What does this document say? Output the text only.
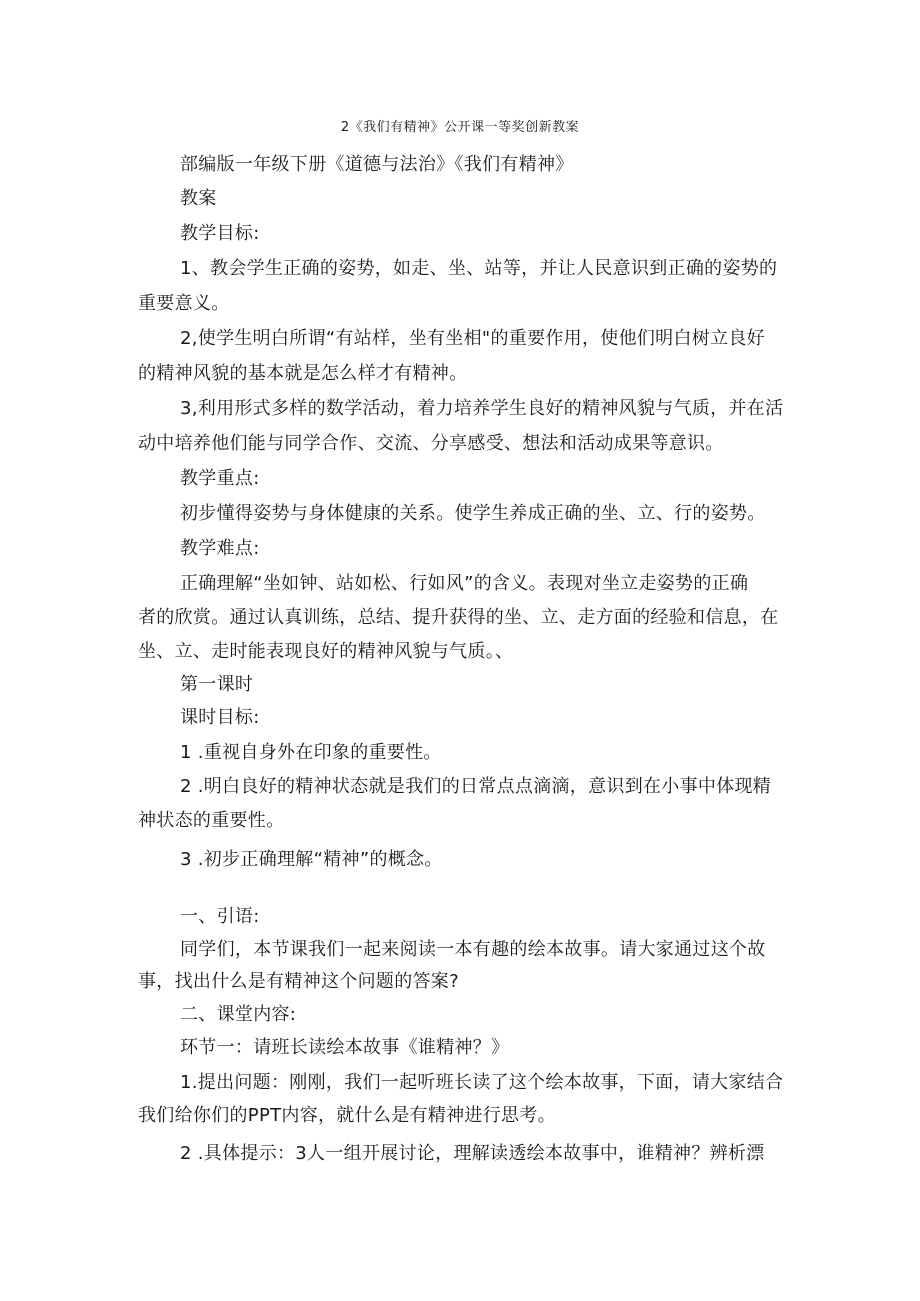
2《我们有精神》公开课一等奖创新教案
部编版一年级下册《道德与法治》《我们有精神》
教案
教学目标:
1、教会学生正确的姿势，如走、坐、站等，并让人民意识到正确的姿势的
重要意义。
2,使学生明白所谓“有站样，坐有坐相"的重要作用，使他们明白树立良好
的精神风貌的基本就是怎么样才有精神。
3,利用形式多样的数学活动，着力培养学生良好的精神风貌与气质，并在活
动中培养他们能与同学合作、交流、分享感受、想法和活动成果等意识。
教学重点:
初步懂得姿势与身体健康的关系。使学生养成正确的坐、立、行的姿势。
教学难点:
正确理解“坐如钟、站如松、行如风”的含义。表现对坐立走姿势的正确
者的欣赏。通过认真训练，总结、提升获得的坐、立、走方面的经验和信息，在
坐、立、走时能表现良好的精神风貌与气质。、
第一课时
课时目标:
1 .重视自身外在印象的重要性。
2 .明白良好的精神状态就是我们的日常点点滴滴，意识到在小事中体现精
神状态的重要性。
3 .初步正确理解“精神”的概念。
一、引语:
同学们，本节课我们一起来阅读一本有趣的绘本故事。请大家通过这个故
事，找出什么是有精神这个问题的答案?
二、课堂内容:
环节一：请班长读绘本故事《谁精神？》
1.提出问题：刚刚，我们一起听班长读了这个绘本故事，下面，请大家结合
我们给你们的PPT内容，就什么是有精神进行思考。
2 .具体提示：3人一组开展讨论，理解读透绘本故事中，谁精神？辨析漂
